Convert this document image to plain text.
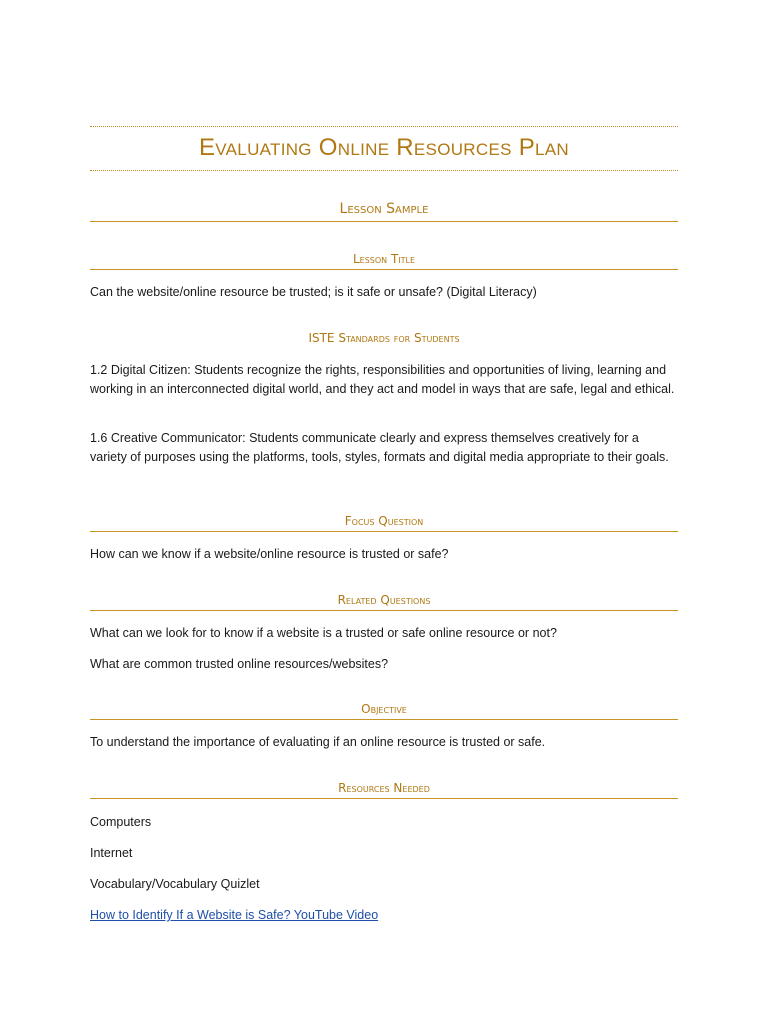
Evaluating Online Resources Plan
Lesson Sample
Lesson Title

Can the website/online resource be trusted; is it safe or unsafe? (Digital Literacy)

ISTE Standards for Students

1.2 Digital Citizen: Students recognize the rights, responsibilities and opportunities of living, learning and working in an interconnected digital world, and they act and model in ways that are safe, legal and ethical.

1.6 Creative Communicator: Students communicate clearly and express themselves creatively for a variety of purposes using the platforms, tools, styles, formats and digital media appropriate to their goals.

Focus Question

How can we know if a website/online resource is trusted or safe?

Related Questions

What can we look for to know if a website is a trusted or safe online resource or not?

What are common trusted online resources/websites?

Objective

To understand the importance of evaluating if an online resource is trusted or safe.

Resources Needed

Computers

Internet

Vocabulary/Vocabulary Quizlet

How to Identify If a Website is Safe? YouTube Video
